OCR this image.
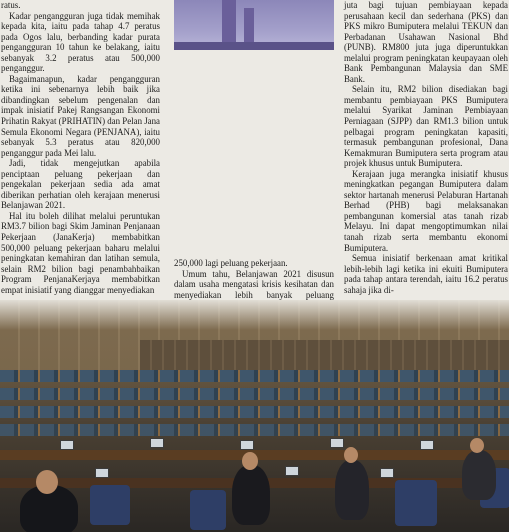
ratus.

Kadar pengangguran juga tidak memihak kepada kita, iaitu pada tahap 4.7 peratus pada Ogos lalu, berbanding kadar purata pengangguran 10 tahun ke belakang, iaitu sebanyak 3.2 peratus atau 500,000 penganggur.

Bagaimanapun, kadar pengangguran ketika ini sebenarnya lebih baik jika dibandingkan sebelum pengenalan dan impak inisiatif Pakej Rangsangan Ekonomi Prihatin Rakyat (PRIHATIN) dan Pelan Jana Semula Ekonomi Negara (PENJANA), iaitu sebanyak 5.3 peratus atau 820,000 penganggur pada Mei lalu.

Jadi, tidak mengejutkan apabila penciptaan peluang pekerjaan dan pengekalan pekerjaan sedia ada amat diberikan perhatian oleh kerajaan menerusi Belanjawan 2021.

Hal itu boleh dilihat melalui peruntukan RM3.7 bilion bagi Skim Jaminan Penjanaan Pekerjaan (JanaKerja) membabitkan 500,000 peluang pekerjaan baharu melalui peningkatan kemahiran dan latihan semula, selain RM2 bilion bagi penambahbaikan Program PenjanaKerjaya membabitkan empat inisiatif yang dianggar menyediakan

250,000 lagi peluang pekerjaan.

Umum tahu, Belanjawan 2021 disusun dalam usaha mengatasi krisis kesihatan dan menyediakan lebih banyak peluang

juta bagi tujuan pembiayaan kepada perusahaan kecil dan sederhana (PKS) dan PKS mikro Bumiputera melalui TEKUN dan Perbadanan Usahawan Nasional Bhd (PUNB). RM800 juta juga diperuntukkan melalui program peningkatan keupayaan oleh Bank Pembangunan Malaysia dan SME Bank.

Selain itu, RM2 bilion disediakan bagi membantu pembiayaan PKS Bumiputera melalui Syarikat Jaminan Pembiayaan Perniagaan (SJPP) dan RM1.3 bilion untuk pelbagai program peningkatan kapasiti, termasuk pembangunan profesional, Dana Kemakmuran Bumiputera serta program atau projek khusus untuk Bumiputera.

Kerajaan juga merangka inisiatif khusus meningkatkan pegangan Bumiputera dalam sektor hartanah menerusi Pelaburan Hartanah Berhad (PHB) bagi melaksanakan pembangunan komersial atas tanah rizab Melayu. Ini dapat mengoptimumkan nilai tanah rizab serta membantu ekonomi Bumiputera.

Semua inisiatif berkenaan amat kritikal lebih-lebih lagi ketika ini ekuiti Bumiputera pada tahap antara terendah, iaitu 16.2 peratus sahaja jika di-
